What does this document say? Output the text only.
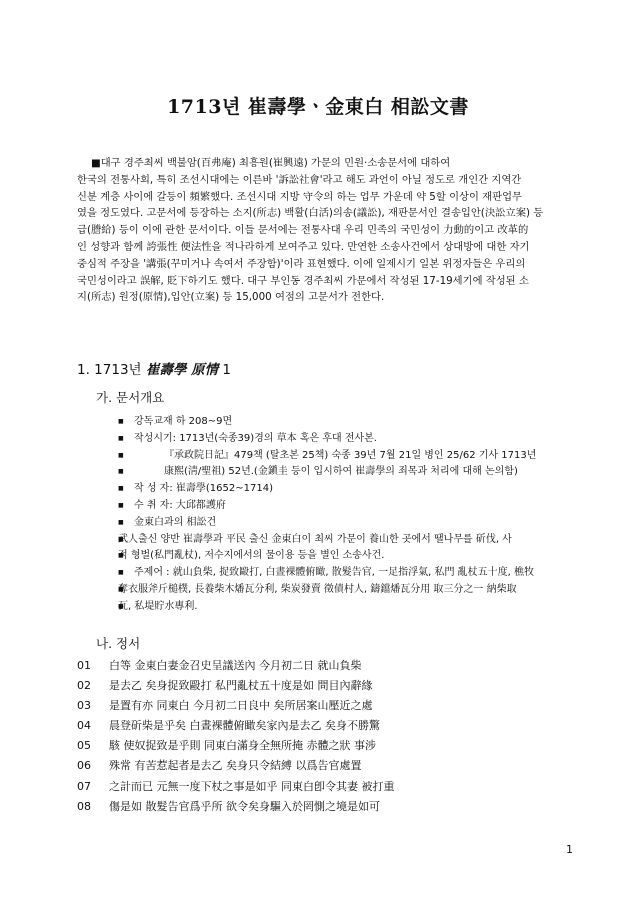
1713년 崔壽學ㆍ金東白 相訟文書
■대구 경주최씨 백불암(百弗庵) 최흥원(崔興遠) 가문의 민원·소송문서에 대하여
한국의 전통사회, 특히 조선시대에는 이른바 '訴訟社會'라고 해도 과언이 아닐 정도로 개인간 지역간
신분 계층 사이에 갈등이 頻繁했다. 조선시대 지방 守令의 하는 업무 가운데 약 5할 이상이 재판업무
였을 정도였다. 고문서에 등장하는 소지(所志) 백활(白活)의송(議訟), 재판문서인 결송입안(決訟立案) 등
급(謄給) 등이 이에 관한 문서이다. 이들 문서에는 전통사대 우리 민족의 국민성이 力動的이고 改革的
인 성향과 함께 誇張性 便法性을 적나라하게 보여주고 있다. 만연한 소송사건에서 상대방에 대한 자기
중심적 주장을 '講張(꾸미거나 속여서 주장함)'이라 표현했다. 이에 일제시기 일본 위정자들은 우리의
국민성이라고 誤解, 貶下하기도 했다. 대구 부인동 경주최씨 가문에서 작성된 17-19세기에 작성된 소
지(所志) 원정(原情),입안(立案) 등 15,000 여점의 고문서가 전한다.
1. 1713년 崔壽學 原情 1
가. 문서개요
■ 강독교재 하 208~9면
■ 작성시기: 1713년(숙종39)경의 草本 혹은 후대 전사본.
■ 『承政院日記』479책 (탈초본 25책) 숙종 39년 7월 21일 병인 25/62 기사 1713년
■ 康熙(淸/聖祖) 52년.(金鎭圭 등이 입시하여 崔壽學의 죄목과 처리에 대해 논의함)
■ 작 성 자: 崔壽學(1652~1714)
■ 수 취 자: 大邱都護府
■ 金東白과의 相訟건
■ 武人출신 양반 崔壽學과 平民 출신 金東白이 최씨 가문이 養山한 곳에서 땔나무를 斫伐, 사
■ 적 형벌(私門亂杖), 저수지에서의 물이용 등을 별인 소송사건.
■ 주제어 : 就山負柴, 捉致毆打, 白晝裸體俯瞰, 散髮告官, 一足指浮氣, 私門 亂杖五十度, 樵牧
■ 奪衣服斧斤槌樸, 長養柴木燔瓦分利, 柴炭發賣 徵債村人, 鑄鐺燔瓦分用 取三分之一 納柴取
■ 瓦, 私堤貯水專利.
나. 정서
01 白等 金東白妻金召史呈議送內 今月初二日 就山負柴
02 是去乙 矣身捉致毆打 私門亂杖五十度是如 問目內辭緣
03 是置有亦 同東白 今月初二日良中 矣所居案山壓近之處
04 晨登斫柴是乎矣 白晝裸體俯瞰矣家內是去乙 矣身不勝驚
05 駭 使奴捉致是乎則 同東白滿身全無所掩 赤體之狀 事涉
06 殊常 有苦惹起者是去乙 矣身只令結縛 以爲告官處置
07 之計而已 元無一度下杖之事是如乎 同東白卽令其妻 被打重
08 傷是如 散髮告官爲乎所 欲令矣身驅入於罔惻之境是如可
1
